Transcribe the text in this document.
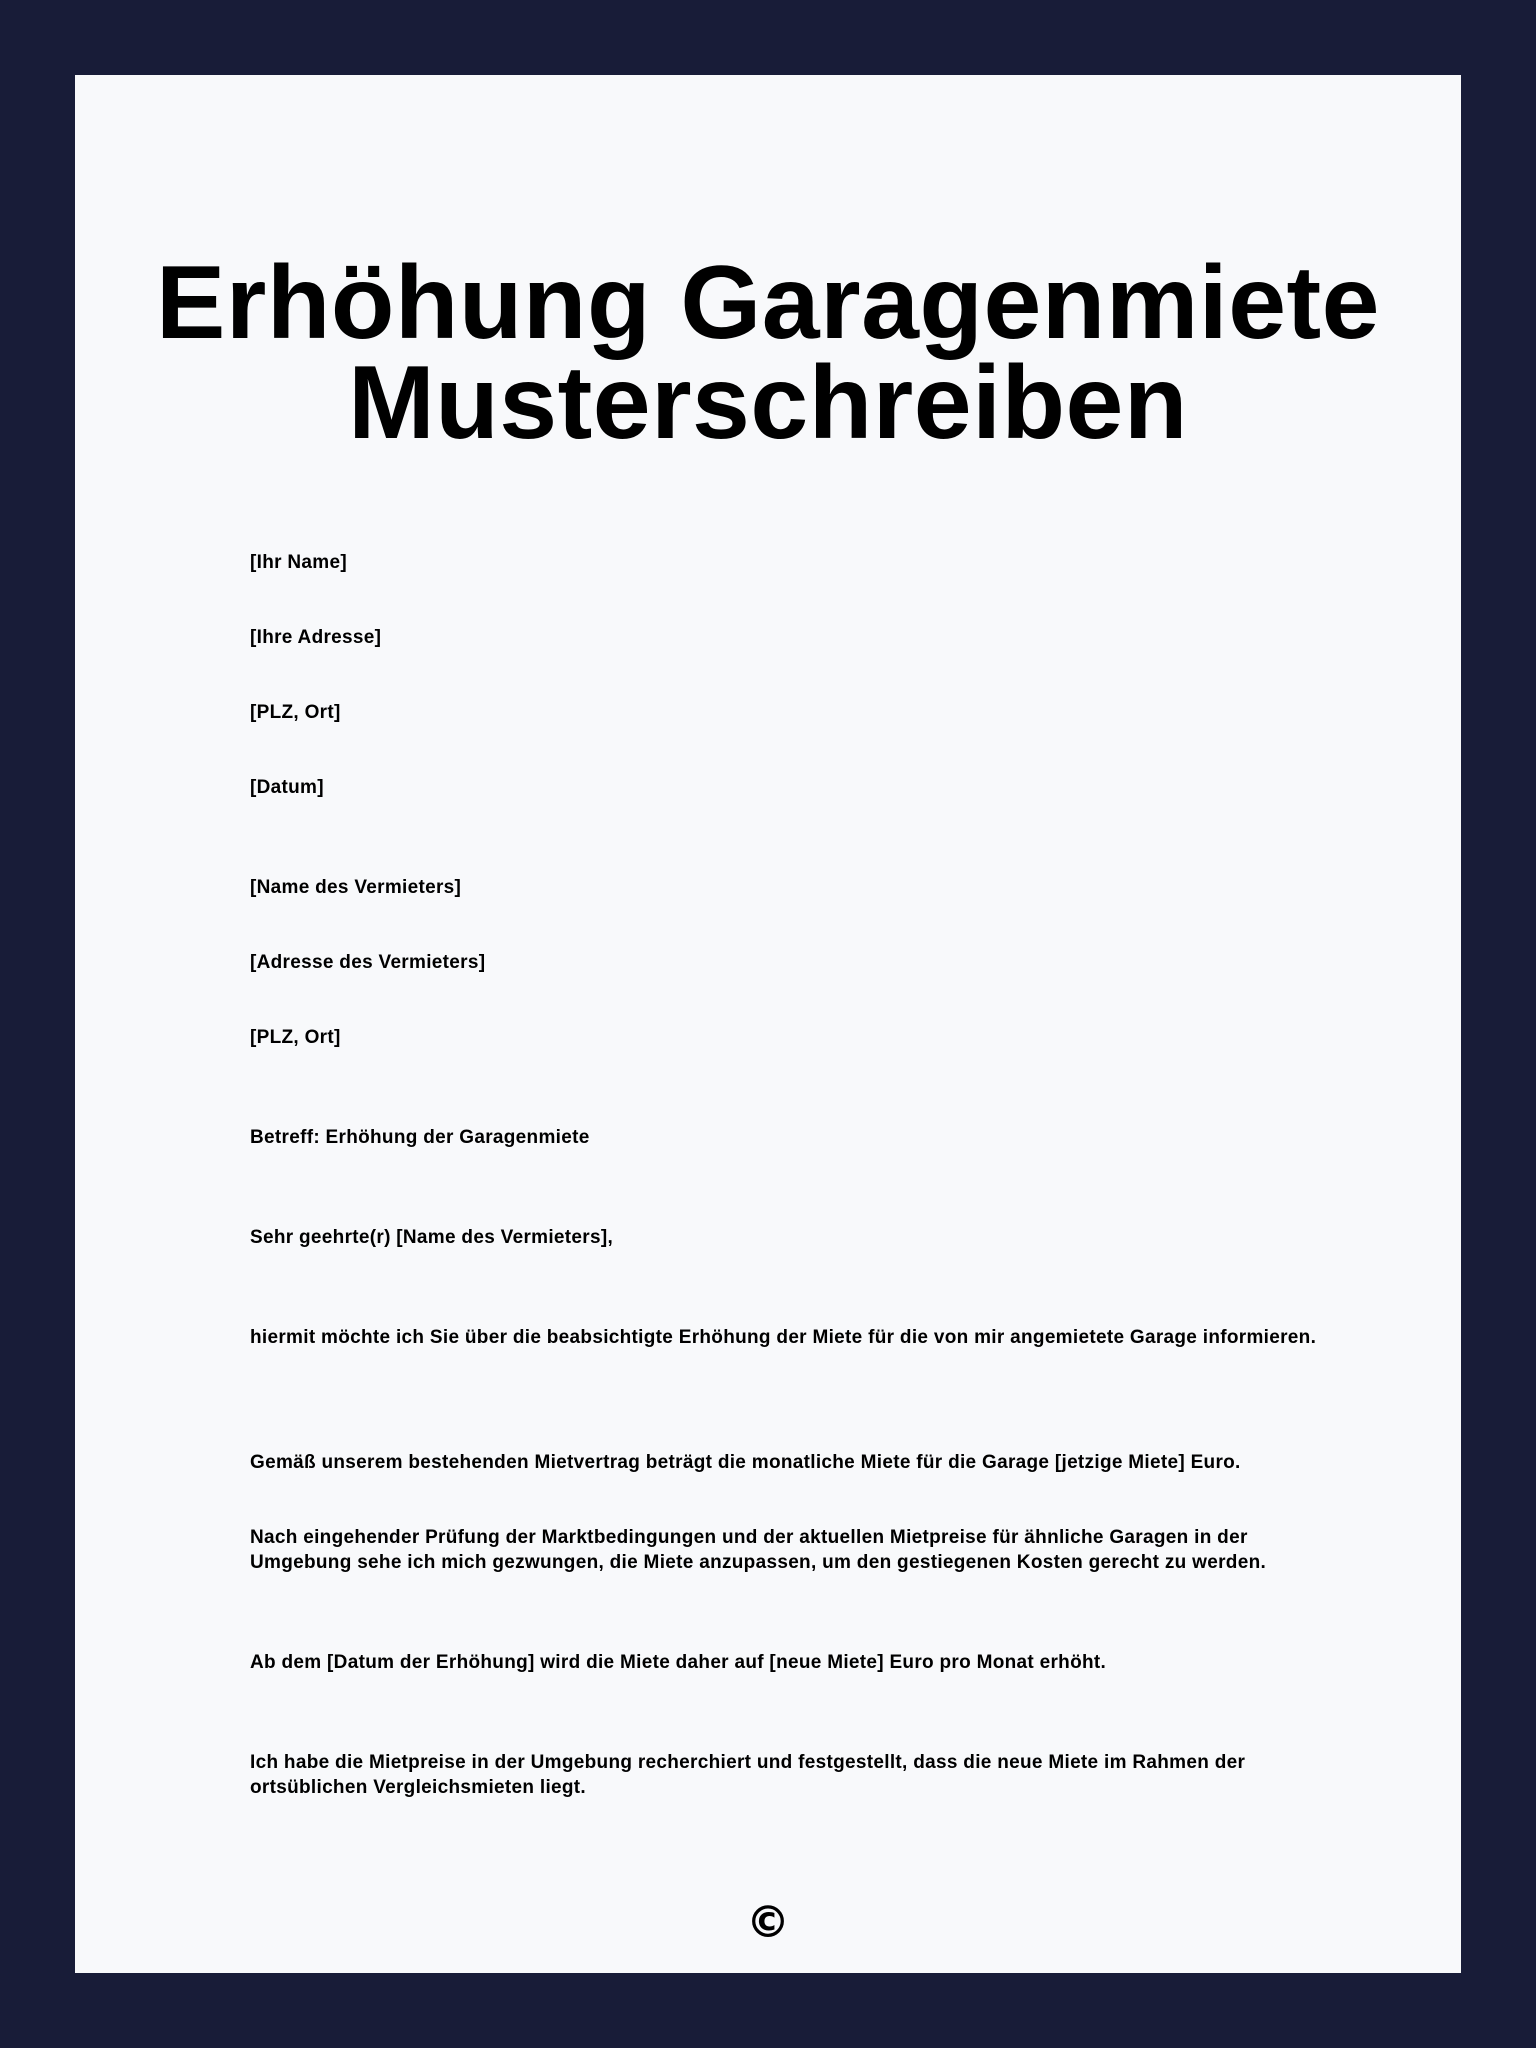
Erhöhung Garagenmiete
Musterschreiben

[Ihr Name]

[Ihre Adresse]

[PLZ, Ort]

[Datum]

[Name des Vermieters]

[Adresse des Vermieters]

[PLZ, Ort]

Betreff: Erhöhung der Garagenmiete

Sehr geehrte(r) [Name des Vermieters],

hiermit möchte ich Sie über die beabsichtigte Erhöhung der Miete für die von mir angemietete Garage informieren.

Gemäß unserem bestehenden Mietvertrag beträgt die monatliche Miete für die Garage [jetzige Miete] Euro.

Nach eingehender Prüfung der Marktbedingungen und der aktuellen Mietpreise für ähnliche Garagen in der Umgebung sehe ich mich gezwungen, die Miete anzupassen, um den gestiegenen Kosten gerecht zu werden.

Ab dem [Datum der Erhöhung] wird die Miete daher auf [neue Miete] Euro pro Monat erhöht.

Ich habe die Mietpreise in der Umgebung recherchiert und festgestellt, dass die neue Miete im Rahmen der ortsüblichen Vergleichsmieten liegt.

©
